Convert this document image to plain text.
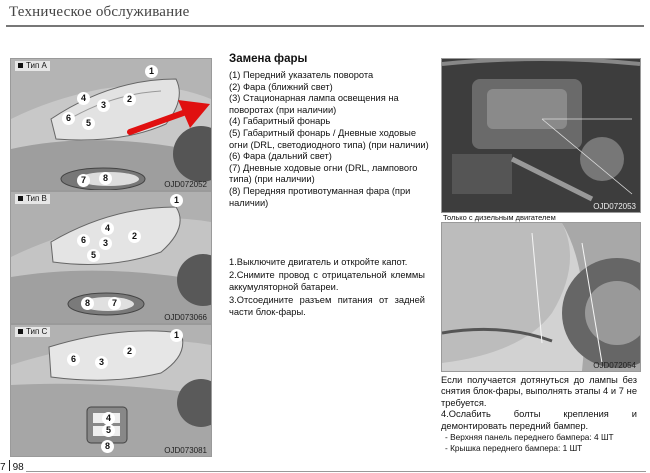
Техническое обслуживание
Тип A
1
4
3
2
6	5
7	8
OJD072052
Тип B	1
4
2
6	3
5
8	7
OJD073066
Тип C	1
6	3
2
4
5
8	OJD073081
Замена фары
(1) Передний указатель поворота
(2) Фара (ближний свет)
(3) Стационарная лампа освещения на поворотах (при наличии)
(4) Габаритный фонарь
(5) Габаритный фонарь / Дневные ходовые огни (DRL, светодиодного типа) (при наличии)
(6) Фара (дальний свет)
(7) Дневные ходовые огни (DRL, лампового типа) (при наличии)
(8) Передняя противотуманная фара (при наличии)
1.Выключите двигатель и откройте капот.
2.Снимите провод с отрицательной клеммы аккумуляторной батареи.
3.Отсоедините разъем питания от задней части блок-фары.
OJD072053
Только с дизельным двигателем
OJD072054
Если получается дотянуться до лампы без снятия блок-фары, выполнять этапы 4 и 7 не требуется.
4.Ослабить болты крепления и демонтировать передний бампер.
- Верхняя панель переднего бампера: 4 ШТ
- Крышка переднего бампера: 1 ШТ
7 98
